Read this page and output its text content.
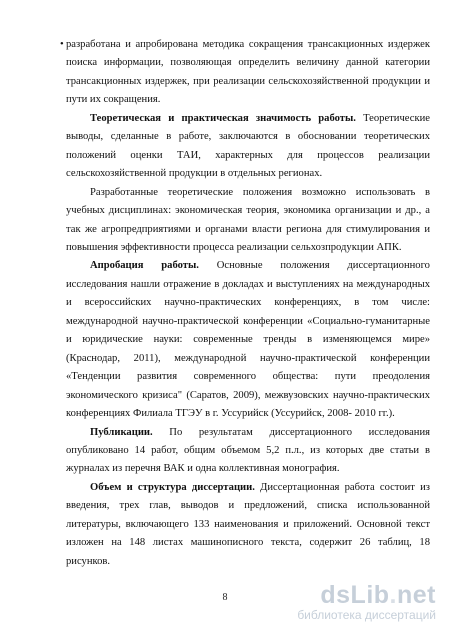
• разработана и апробирована методика сокращения трансакционных издержек поиска информации, позволяющая определить величину данной категории трансакционных издержек, при реализации сельскохозяйственной продукции и пути их сокращения.

Теоретическая и практическая значимость работы. Теоретические выводы, сделанные в работе, заключаются в обосновании теоретических положений оценки ТАИ, характерных для процессов реализации сельскохозяйственной продукции в отдельных регионах.

Разработанные теоретические положения возможно использовать в учебных дисциплинах: экономическая теория, экономика организации и др., а так же агропредприятиями и органами власти региона для стимулирования и повышения эффективности процесса реализации сельхозпродукции АПК.

Апробация работы. Основные положения диссертационного исследования нашли отражение в докладах и выступлениях на международных и всероссийских научно-практических конференциях, в том числе: международной научно-практической конференции «Социально-гуманитарные и юридические науки: современные тренды в изменяющемся мире» (Краснодар, 2011), международной научно-практической конференции «Тенденции развития современного общества: пути преодоления экономического кризиса" (Саратов, 2009), межвузовских научно-практических конференциях Филиала ТГЭУ в г. Уссурийск (Уссурийск, 2008- 2010 гг.).

Публикации. По результатам диссертационного исследования опубликовано 14 работ, общим объемом 5,2 п.л., из которых две статьи в журналах из перечня ВАК и одна коллективная монография.

Объем и структура диссертации. Диссертационная работа состоит из введения, трех глав, выводов и предложений, списка использованной литературы, включающего 133 наименования и приложений. Основной текст изложен на 148 листах машинописного текста, содержит 26 таблиц, 18 рисунков.

8	dsLib.net
библиотека диссертаций
